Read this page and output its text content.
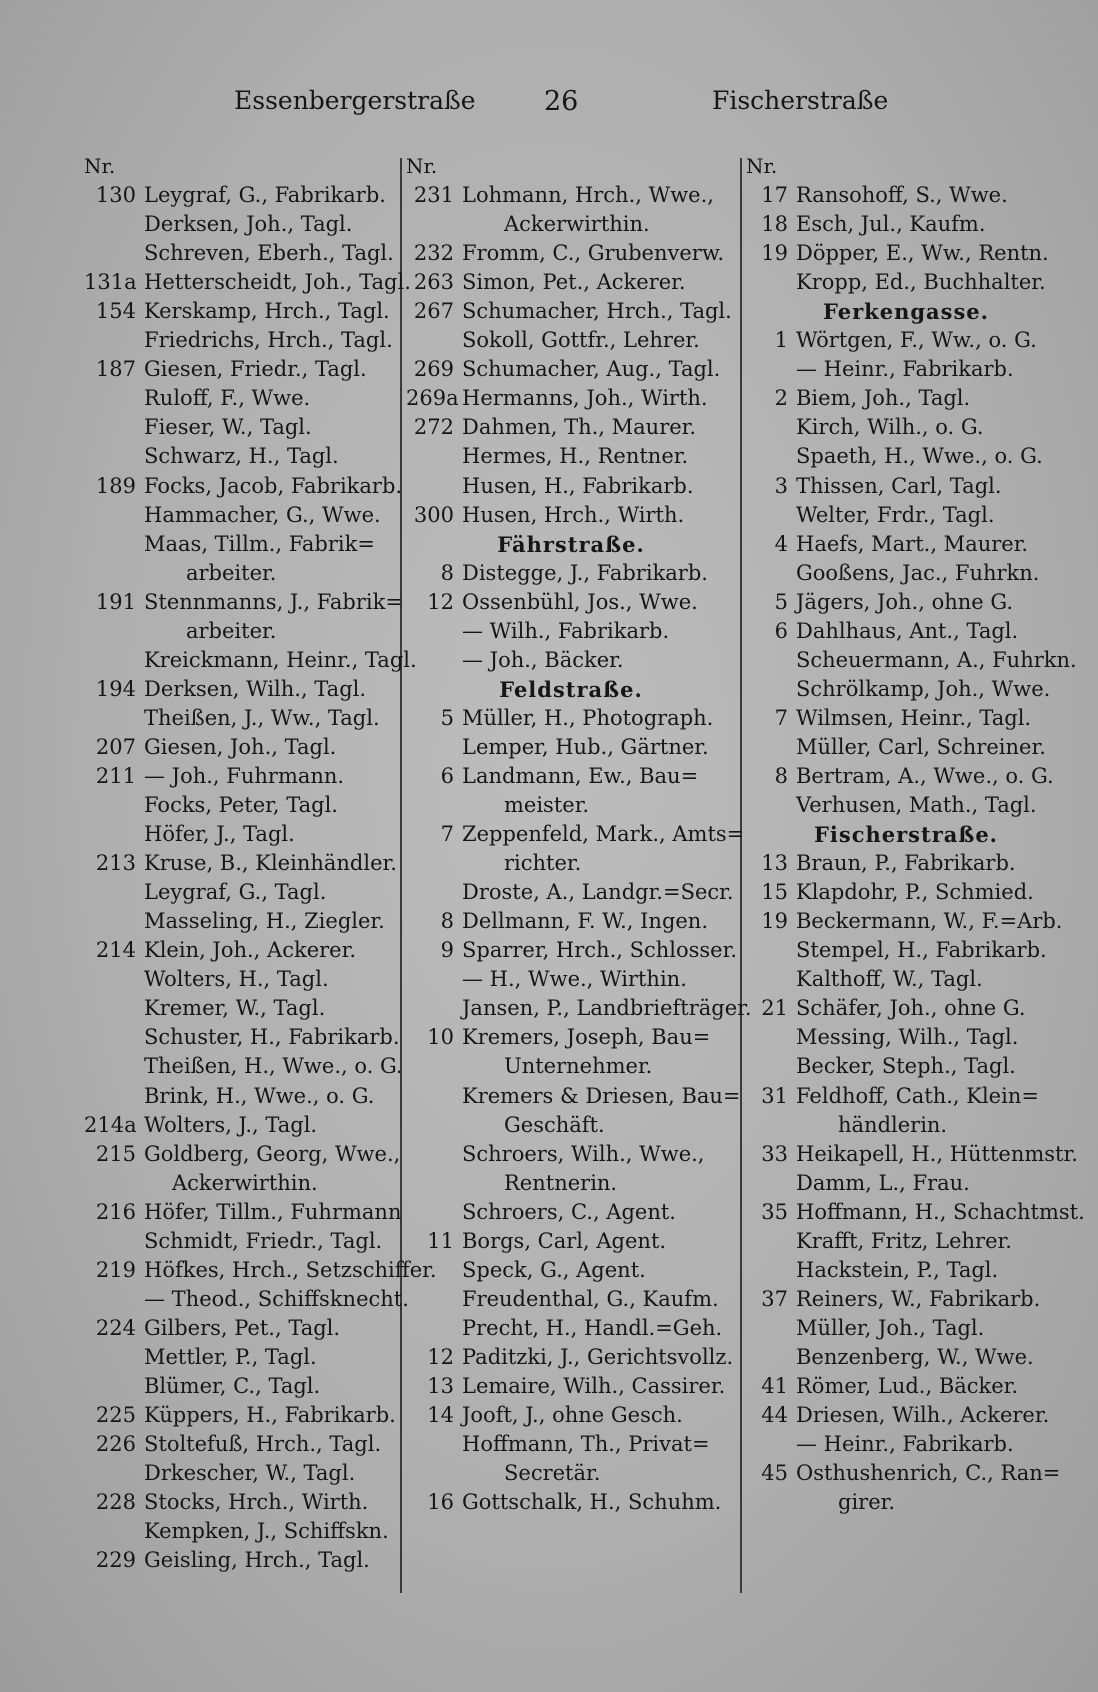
Essenbergerstraße	26	Fischerstraße
Nr.
130 Leygraf, G., Fabrikarb.
Derksen, Joh., Tagl.
Schreven, Eberh., Tagl.
131a Hetterscheidt, Joh., Tagl.
154 Kerskamp, Hrch., Tagl.
Friedrichs, Hrch., Tagl.
187 Giesen, Friedr., Tagl.
Ruloff, F., Wwe.
Fieser, W., Tagl.
Schwarz, H., Tagl.
189 Focks, Jacob, Fabrikarb.
Hammacher, G., Wwe.
Maas, Tillm., Fabrik=
arbeiter.
191 Stennmanns, J., Fabrik=
arbeiter.
Kreickmann, Heinr., Tagl.
194 Derksen, Wilh., Tagl.
Theißen, J., Ww., Tagl.
207 Giesen, Joh., Tagl.
211 — Joh., Fuhrmann.
Focks, Peter, Tagl.
Höfer, J., Tagl.
213 Kruse, B., Kleinhändler.
Leygraf, G., Tagl.
Masseling, H., Ziegler.
214 Klein, Joh., Ackerer.
Wolters, H., Tagl.
Kremer, W., Tagl.
Schuster, H., Fabrikarb.
Theißen, H., Wwe., o. G.
Brink, H., Wwe., o. G.
214a Wolters, J., Tagl.
215 Goldberg, Georg, Wwe.,
Ackerwirthin.
216 Höfer, Tillm., Fuhrmann
Schmidt, Friedr., Tagl.
219 Höfkes, Hrch., Setzschiffer.
— Theod., Schiffsknecht.
224 Gilbers, Pet., Tagl.
Mettler, P., Tagl.
Blümer, C., Tagl.
225 Küppers, H., Fabrikarb.
226 Stoltefuß, Hrch., Tagl.
Drkescher, W., Tagl.
228 Stocks, Hrch., Wirth.
Kempken, J., Schiffskn.
229 Geisling, Hrch., Tagl.
Nr.
231 Lohmann, Hrch., Wwe.,
Ackerwirthin.
232 Fromm, C., Grubenverw.
263 Simon, Pet., Ackerer.
267 Schumacher, Hrch., Tagl.
Sokoll, Gottfr., Lehrer.
269 Schumacher, Aug., Tagl.
269a Hermanns, Joh., Wirth.
272 Dahmen, Th., Maurer.
Hermes, H., Rentner.
Husen, H., Fabrikarb.
300 Husen, Hrch., Wirth.
Fährstraße.
8 Distegge, J., Fabrikarb.
12 Ossenbühl, Jos., Wwe.
— Wilh., Fabrikarb.
— Joh., Bäcker.
Feldstraße.
5 Müller, H., Photograph.
Lemper, Hub., Gärtner.
6 Landmann, Ew., Bau=
meister.
7 Zeppenfeld, Mark., Amts=
richter.
Droste, A., Landgr.=Secr.
8 Dellmann, F. W., Ingen.
9 Sparrer, Hrch., Schlosser.
— H., Wwe., Wirthin.
Jansen, P., Landbriefträger.
10 Kremers, Joseph, Bau=
Unternehmer.
Kremers & Driesen, Bau=
Geschäft.
Schroers, Wilh., Wwe.,
Rentnerin.
Schroers, C., Agent.
11 Borgs, Carl, Agent.
Speck, G., Agent.
Freudenthal, G., Kaufm.
Precht, H., Handl.=Geh.
12 Paditzki, J., Gerichtsvollz.
13 Lemaire, Wilh., Cassirer.
14 Jooft, J., ohne Gesch.
Hoffmann, Th., Privat=
Secretär.
16 Gottschalk, H., Schuhm.
Nr.
17 Ransohoff, S., Wwe.
18 Esch, Jul., Kaufm.
19 Döpper, E., Ww., Rentn.
Kropp, Ed., Buchhalter.
Ferkengasse.
1 Wörtgen, F., Ww., o. G.
— Heinr., Fabrikarb.
2 Biem, Joh., Tagl.
Kirch, Wilh., o. G.
Spaeth, H., Wwe., o. G.
3 Thissen, Carl, Tagl.
Welter, Frdr., Tagl.
4 Haefs, Mart., Maurer.
Gooßens, Jac., Fuhrkn.
5 Jägers, Joh., ohne G.
6 Dahlhaus, Ant., Tagl.
Scheuermann, A., Fuhrkn.
Schrölkamp, Joh., Wwe.
7 Wilmsen, Heinr., Tagl.
Müller, Carl, Schreiner.
8 Bertram, A., Wwe., o. G.
Verhusen, Math., Tagl.
Fischerstraße.
13 Braun, P., Fabrikarb.
15 Klapdohr, P., Schmied.
19 Beckermann, W., F.=Arb.
Stempel, H., Fabrikarb.
Kalthoff, W., Tagl.
21 Schäfer, Joh., ohne G.
Messing, Wilh., Tagl.
Becker, Steph., Tagl.
31 Feldhoff, Cath., Klein=
händlerin.
33 Heikapell, H., Hüttenmstr.
Damm, L., Frau.
35 Hoffmann, H., Schachtmst.
Krafft, Fritz, Lehrer.
Hackstein, P., Tagl.
37 Reiners, W., Fabrikarb.
Müller, Joh., Tagl.
Benzenberg, W., Wwe.
41 Römer, Lud., Bäcker.
44 Driesen, Wilh., Ackerer.
— Heinr., Fabrikarb.
45 Osthushenrich, C., Ran=
girer.
